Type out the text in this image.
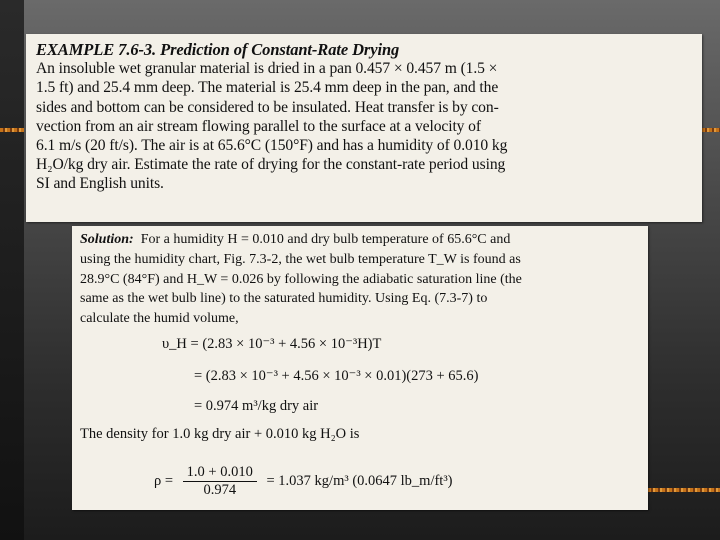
EXAMPLE 7.6-3. Prediction of Constant-Rate Drying
An insoluble wet granular material is dried in a pan 0.457 × 0.457 m (1.5 ×
1.5 ft) and 25.4 mm deep. The material is 25.4 mm deep in the pan, and the
sides and bottom can be considered to be insulated. Heat transfer is by con-
vection from an air stream flowing parallel to the surface at a velocity of
6.1 m/s (20 ft/s). The air is at 65.6°C (150°F) and has a humidity of 0.010 kg
H₂O/kg dry air. Estimate the rate of drying for the constant-rate period using
SI and English units.
Solution: For a humidity H = 0.010 and dry bulb temperature of 65.6°C and
using the humidity chart, Fig. 7.3-2, the wet bulb temperature T_W is found as
28.9°C (84°F) and H_W = 0.026 by following the adiabatic saturation line (the
same as the wet bulb line) to the saturated humidity. Using Eq. (7.3-7) to
calculate the humid volume,
υ_H = (2.83 × 10⁻³ + 4.56 × 10⁻³H)T
= (2.83 × 10⁻³ + 4.56 × 10⁻³ × 0.01)(273 + 65.6)
= 0.974 m³/kg dry air
The density for 1.0 kg dry air + 0.010 kg H₂O is
$\rho = \frac{1.0 + 0.010}{0.974} = 1.037$ kg/m³ (0.0647 lb_m/ft³)
